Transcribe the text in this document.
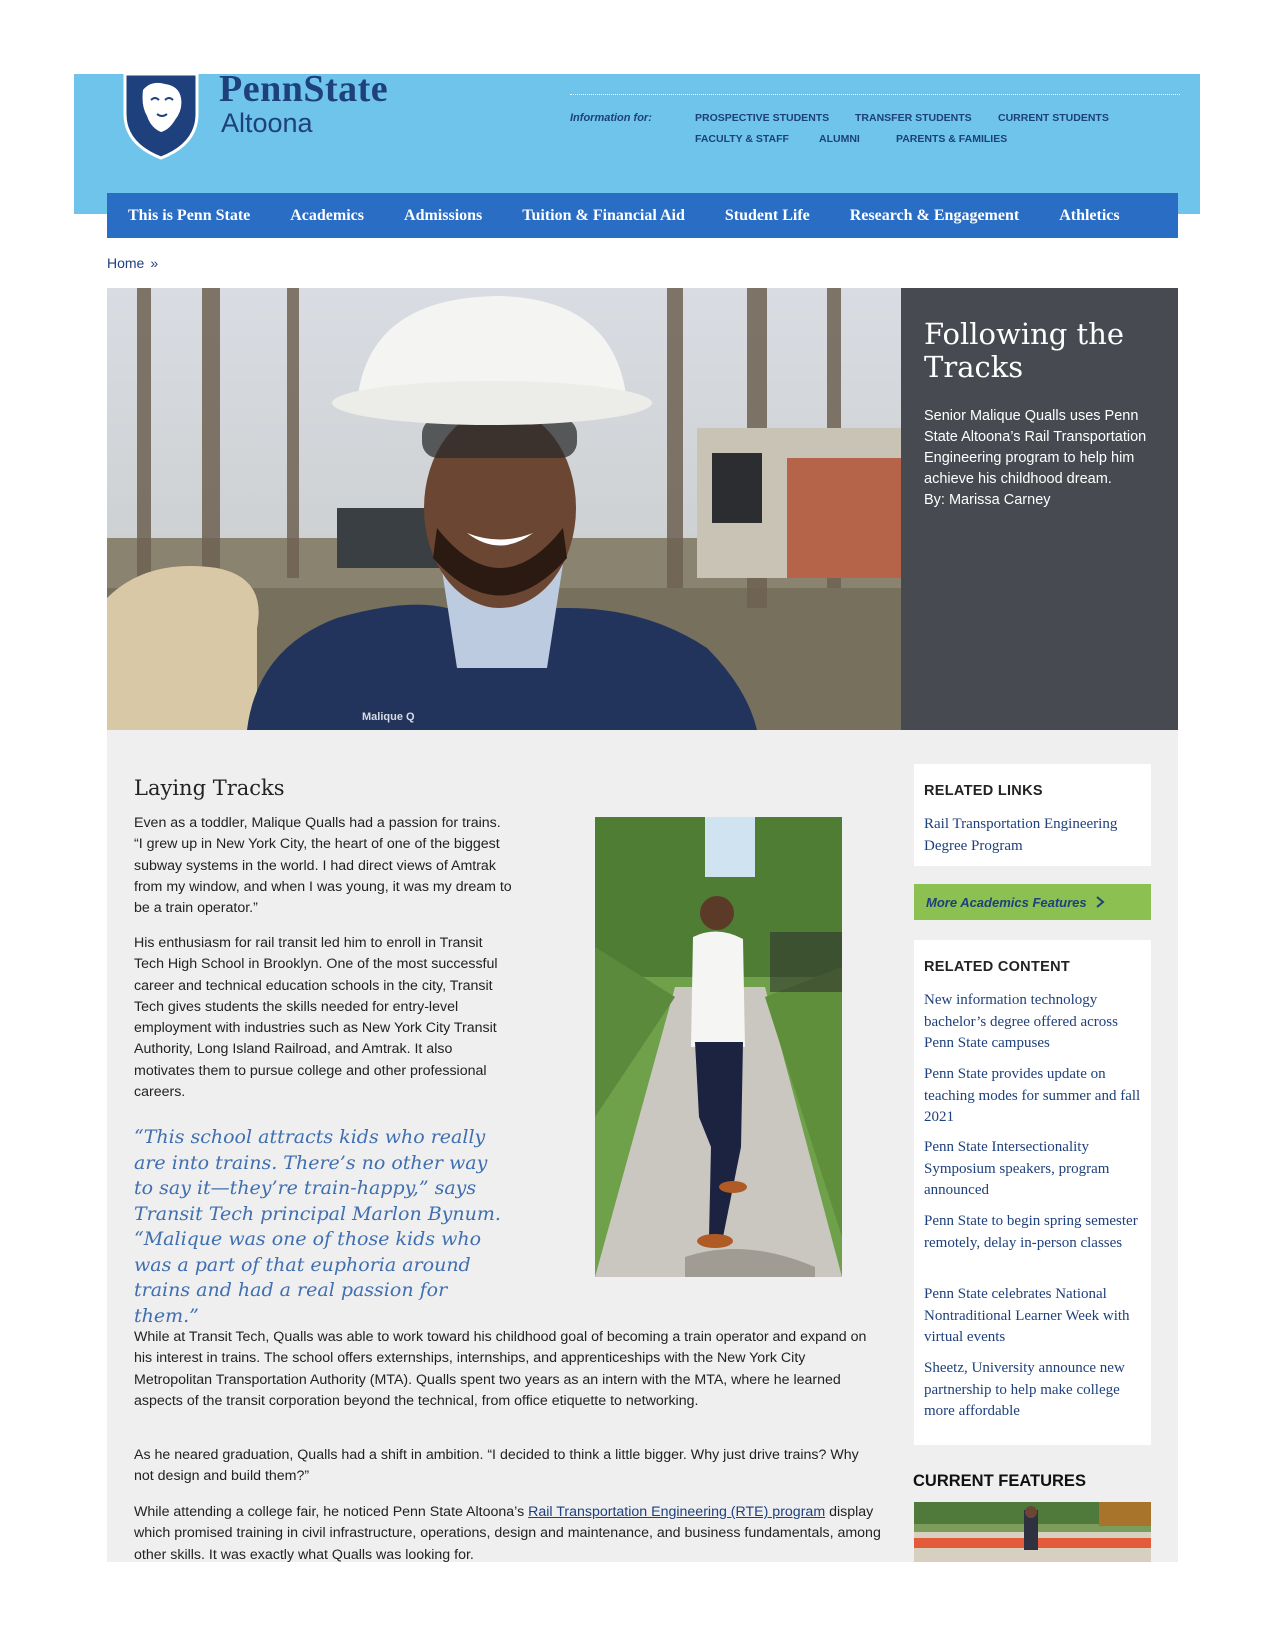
PennState
Altoona	Information for:	PROSPECTIVE STUDENTS TRANSFER STUDENTS	CURRENT STUDENTS
FACULTY & STAFF	ALUMNI	PARENTS & FAMILIES
This is Penn State	Academics	Admissions	Tuition & Financial Aid	Student Life	Research & Engagement	Athletics
Home »
Malique Q
Following the Tracks
Senior Malique Qualls uses Penn State Altoona’s Rail Transportation Engineering program to help him achieve his childhood dream.
By: Marissa Carney
Laying Tracks

Even as a toddler, Malique Qualls had a passion for trains. “I grew up in New York City, the heart of one of the biggest subway systems in the world. I had direct views of Amtrak from my window, and when I was young, it was my dream to be a train operator.”

His enthusiasm for rail transit led him to enroll in Transit Tech High School in Brooklyn. One of the most successful career and technical education schools in the city, Transit Tech gives students the skills needed for entry-level employment with industries such as New York City Transit Authority, Long Island Railroad, and Amtrak. It also motivates them to pursue college and other professional careers.

“This school attracts kids who really are into trains. There’s no other way to say it—they’re train-happy,” says Transit Tech principal Marlon Bynum. “Malique was one of those kids who was a part of that euphoria around trains and had a real passion for them.”

While at Transit Tech, Qualls was able to work toward his childhood goal of becoming a train operator and expand on his interest in trains. The school offers externships, internships, and apprenticeships with the New York City Metropolitan Transportation Authority (MTA). Qualls spent two years as an intern with the MTA, where he learned aspects of the transit corporation beyond the technical, from office etiquette to networking.

As he neared graduation, Qualls had a shift in ambition. “I decided to think a little bigger. Why just drive trains? Why not design and build them?”

While attending a college fair, he noticed Penn State Altoona’s Rail Transportation Engineering (RTE) program display which promised training in civil infrastructure, operations, design and maintenance, and business fundamentals, among other skills. It was exactly what Qualls was looking for.

RELATED LINKS
Rail Transportation Engineering Degree Program
More Academics Features
RELATED CONTENT
New information technology bachelor’s degree offered across Penn State campuses
Penn State provides update on teaching modes for summer and fall 2021
Penn State Intersectionality Symposium speakers, program announced
Penn State to begin spring semester remotely, delay in-person classes
Penn State celebrates National Nontraditional Learner Week with virtual events
Sheetz, University announce new partnership to help make college more affordable
CURRENT FEATURES
